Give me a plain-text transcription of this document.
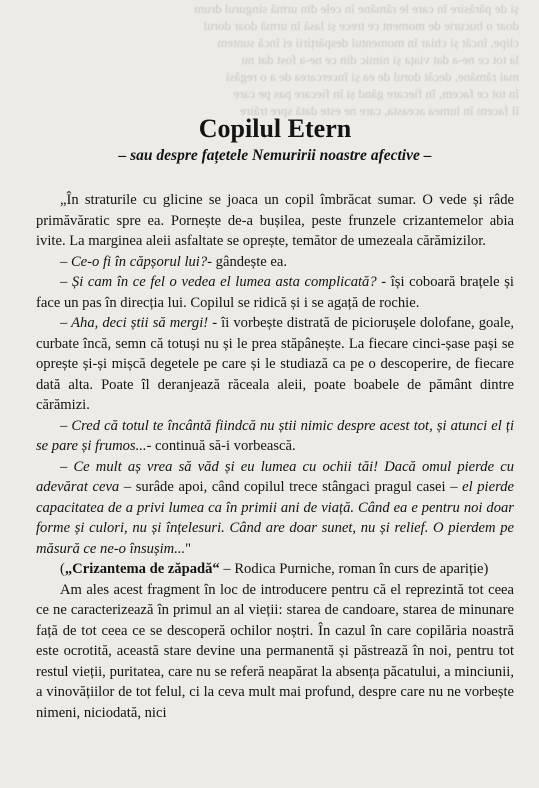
și de părăsire în care le rămâne în cele din urmă singurul drum
doar o bucurie de moment ce trece și lasă în urmă doar dorul
clipe, încât și chiar în momentul despărțirii ei încă suntem
la tot ce ne-a dat viața și nimic din ce ne-a fost dat nu
mai rămâne, decât dorul de ea și încercarea de a o regăsi
în tot ce facem, în fiecare gând și în fiecare pas pe care
îl facem în lumea aceasta, care ne este dată spre trăire
Copilul Etern
– sau despre fațetele Nemuririi noastre afective –

„În straturile cu glicine se joaca un copil îmbrăcat sumar. O vede și râde primăvăratic spre ea. Pornește de-a bușilea, peste frunzele crizantemelor abia ivite. La marginea aleii asfaltate se oprește, temător de umezeala cărămizilor.

– Ce-o fi în căpșorul lui?- gândește ea.

– Și cam în ce fel o vedea el lumea asta complicată? - își coboară brațele și face un pas în direcția lui. Copilul se ridică și i se agață de rochie.

– Aha, deci știi să mergi! - îi vorbește distrată de piciorușele dolofane, goale, curbate încă, semn că totuși nu și le prea stăpânește. La fiecare cinci-șase pași se oprește și-și mișcă degetele pe care și le studiază ca pe o descoperire, de fiecare dată alta. Poate îl deranjează răceala aleii, poate boabele de pământ dintre cărămizi.

– Cred că totul te încântă fiindcă nu știi nimic despre acest tot, și atunci el ți se pare și frumos...- continuă să-i vorbească.

– Ce mult aș vrea să văd și eu lumea cu ochii tăi! Dacă omul pierde cu adevărat ceva – surâde apoi, când copilul trece stângaci pragul casei – el pierde capacitatea de a privi lumea ca în primii ani de viață. Când ea e pentru noi doar forme și culori, nu și înțelesuri. Când are doar sunet, nu și relief. O pierdem pe măsură ce ne-o însușim..."

(„Crizantema de zăpadă“ – Rodica Purniche, roman în curs de apariție)

Am ales acest fragment în loc de introducere pentru că el reprezintă tot ceea ce ne caracterizează în primul an al vieții: starea de candoare, starea de minunare față de tot ceea ce se descoperă ochilor noștri. În cazul în care copilăria noastră este ocrotită, această stare devine una permanentă și păstrează în noi, pentru tot restul vieții, puritatea, care nu se referă neapărat la absența păcatului, a minciunii, a vinovățiilor de tot felul, ci la ceva mult mai profund, despre care nu ne vorbește nimeni, niciodată, nici
